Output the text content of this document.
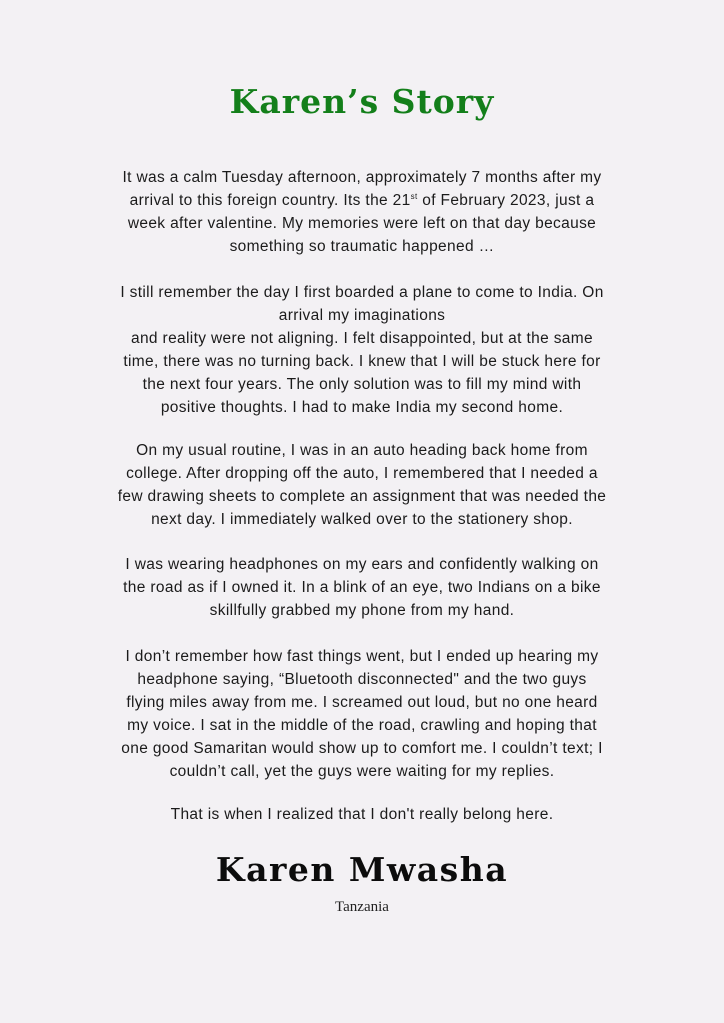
Karen’s Story
It was a calm Tuesday afternoon, approximately 7 months after my
arrival to this foreign country. Its the 21st of February 2023, just a
week after valentine. My memories were left on that day because
something so traumatic happened …
I still remember the day I first boarded a plane to come to India. On
arrival my imaginations
and reality were not aligning. I felt disappointed, but at the same
time, there was no turning back. I knew that I will be stuck here for
the next four years. The only solution was to fill my mind with
positive thoughts. I had to make India my second home.
On my usual routine, I was in an auto heading back home from
college. After dropping off the auto, I remembered that I needed a
few drawing sheets to complete an assignment that was needed the
next day. I immediately walked over to the stationery shop.
I was wearing headphones on my ears and confidently walking on
the road as if I owned it. In a blink of an eye, two Indians on a bike
skillfully grabbed my phone from my hand.
I don’t remember how fast things went, but I ended up hearing my
headphone saying, “Bluetooth disconnected" and the two guys
flying miles away from me. I screamed out loud, but no one heard
my voice. I sat in the middle of the road, crawling and hoping that
one good Samaritan would show up to comfort me. I couldn’t text; I
couldn’t call, yet the guys were waiting for my replies.
That is when I realized that I don't really belong here.
Karen Mwasha
Tanzania
